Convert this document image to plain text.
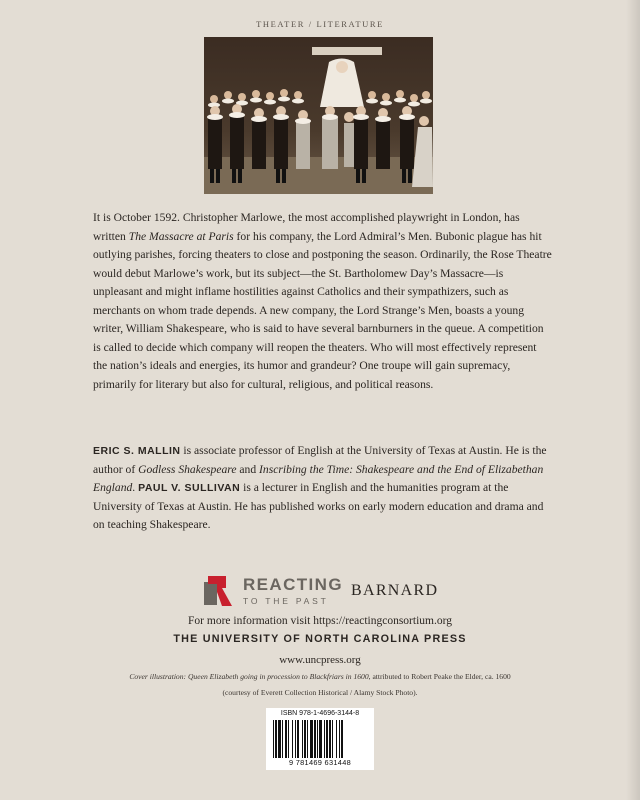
THEATER / LITERATURE

It is October 1592. Christopher Marlowe, the most accomplished playwright in London, has written The Massacre at Paris for his company, the Lord Admiral’s Men. Bubonic plague has hit outlying parishes, forcing theaters to close and postponing the season. Ordinarily, the Rose Theatre would debut Marlowe’s work, but its subject—the St. Bartholomew Day’s Massacre—is unpleasant and might inflame hostilities against Catholics and their sympathizers, such as merchants on whom trade depends. A new company, the Lord Strange’s Men, boasts a young writer, William Shakespeare, who is said to have several barnburners in the queue. A competition is called to decide which company will reopen the theaters. Who will most effectively represent the nation’s ideals and energies, its humor and grandeur? One troupe will gain supremacy, primarily for literary but also for cultural, religious, and political reasons.

ERIC S. MALLIN is associate professor of English at the University of Texas at Austin. He is the author of Godless Shakespeare and Inscribing the Time: Shakespeare and the End of Elizabethan England. PAUL V. SULLIVAN is a lecturer in English and the humanities program at the University of Texas at Austin. He has published works on early modern education and drama and on teaching Shakespeare.

REACTING
TO THE PAST
BARNARD

For more information visit https://reactingconsortium.org

THE UNIVERSITY OF NORTH CAROLINA PRESS

www.uncpress.org

Cover illustration: Queen Elizabeth going in procession to Blackfriars in 1600, attributed to Robert Peake the Elder, ca. 1600

(courtesy of Everett Collection Historical / Alamy Stock Photo).

ISBN 978-1-4696-3144-8
9 781469 631448
